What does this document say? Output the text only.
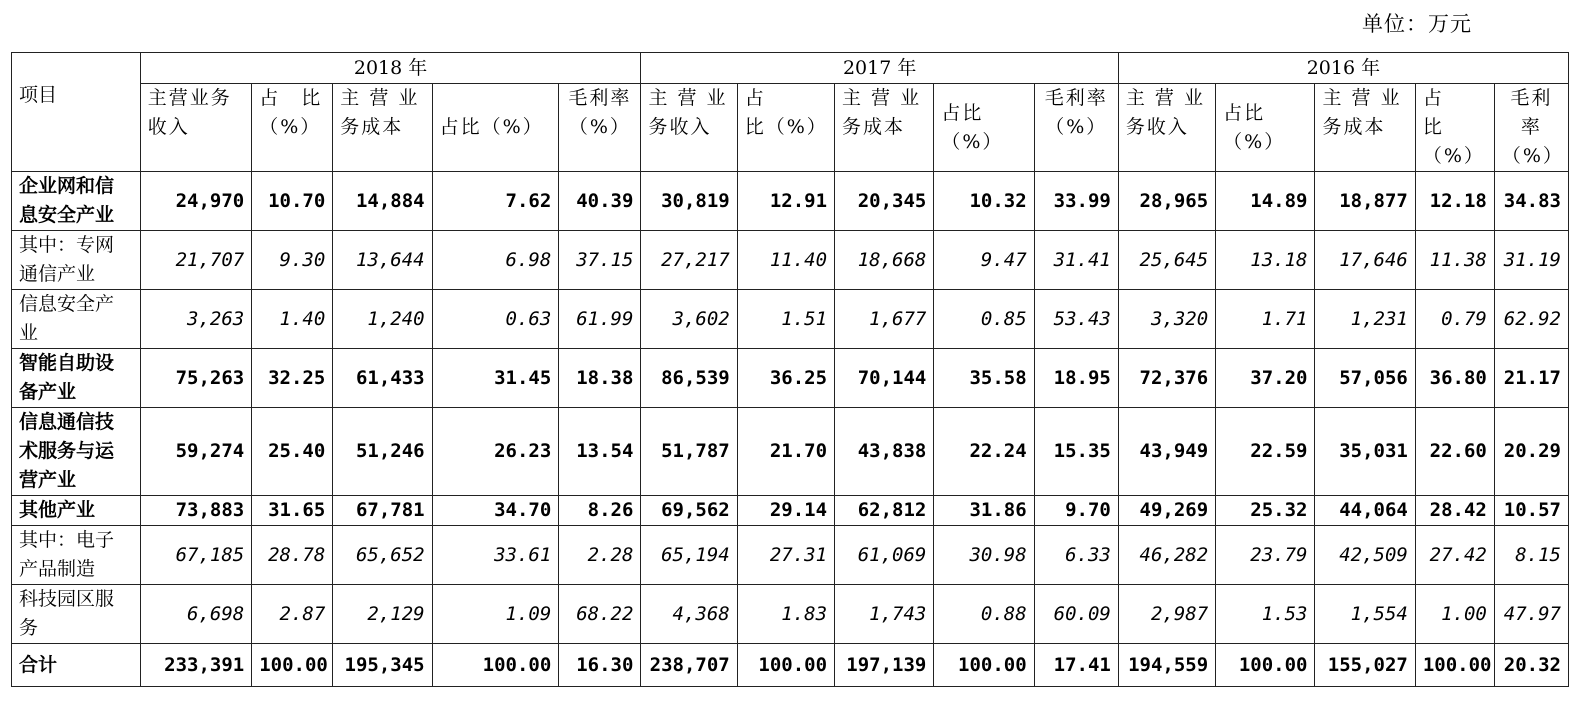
单位：万元
项目	2018 年					2017 年					2016 年				
	主营业务收入	占　比（%）	主 营 业务成本	占比（%）	毛利率（%）	主 营 业务收入	占　　比（%）	主 营 业务成本	占比（%）	毛利率（%）	主 营 业务收入	占比（%）	主 营 业务成本	占　　比（%）	毛利率（%）
企业网和信息安全产业	24,970	10.70	14,884	7.62	40.39	30,819	12.91	20,345	10.32	33.99	28,965	14.89	18,877	12.18	34.83
其中：专网通信产业	21,707	9.30	13,644	6.98	37.15	27,217	11.40	18,668	9.47	31.41	25,645	13.18	17,646	11.38	31.19
信息安全产业	3,263	1.40	1,240	0.63	61.99	3,602	1.51	1,677	0.85	53.43	3,320	1.71	1,231	0.79	62.92
智能自助设备产业	75,263	32.25	61,433	31.45	18.38	86,539	36.25	70,144	35.58	18.95	72,376	37.20	57,056	36.80	21.17
信息通信技术服务与运营产业	59,274	25.40	51,246	26.23	13.54	51,787	21.70	43,838	22.24	15.35	43,949	22.59	35,031	22.60	20.29
其他产业	73,883	31.65	67,781	34.70	8.26	69,562	29.14	62,812	31.86	9.70	49,269	25.32	44,064	28.42	10.57
其中：电子产品制造	67,185	28.78	65,652	33.61	2.28	65,194	27.31	61,069	30.98	6.33	46,282	23.79	42,509	27.42	8.15
科技园区服务	6,698	2.87	2,129	1.09	68.22	4,368	1.83	1,743	0.88	60.09	2,987	1.53	1,554	1.00	47.97
合计	233,391	100.00	195,345	100.00	16.30	238,707	100.00	197,139	100.00	17.41	194,559	100.00	155,027	100.00	20.32
